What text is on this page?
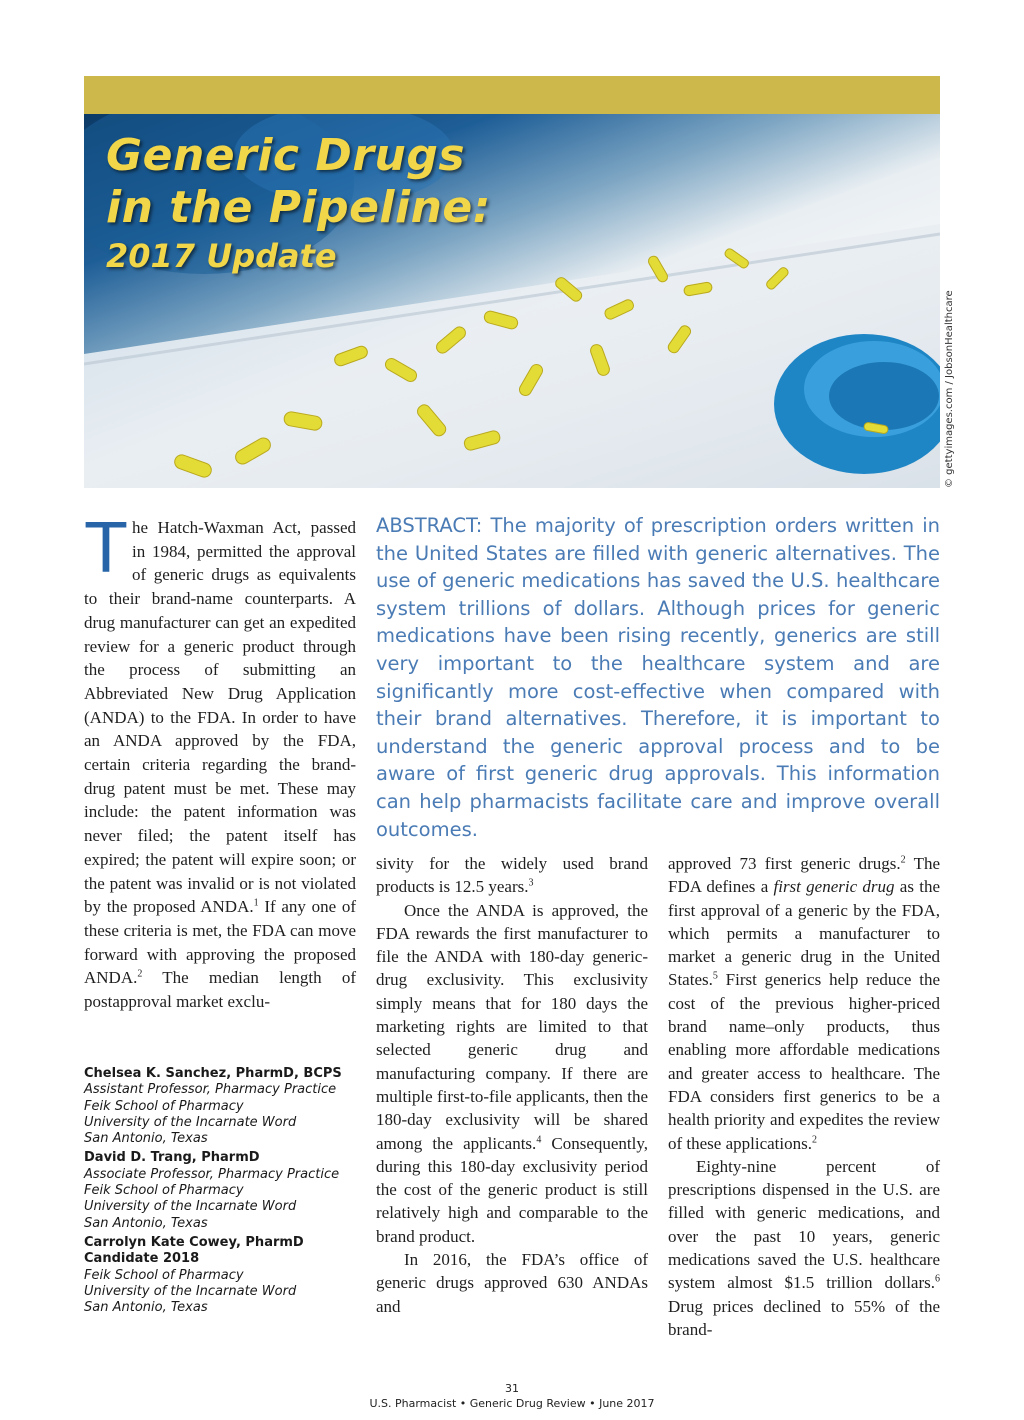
Generic Drugs
in the Pipeline:
2017 Update
© gettyimages.com / JobsonHealthcare
The Hatch-Waxman Act, passed in 1984, permitted the approval of generic drugs as equivalents to their brand-name counterparts. A drug manufacturer can get an expedited review for a generic product through the process of submitting an Abbreviated New Drug Application (ANDA) to the FDA. In order to have an ANDA approved by the FDA, certain criteria regarding the brand-drug patent must be met. These may include: the patent information was never filed; the patent itself has expired; the patent will expire soon; or the patent was invalid or is not violated by the proposed ANDA.$^1$ If any one of these criteria is met, the FDA can move forward with approving the proposed ANDA.$^2$ The median length of postapproval market exclu-
ABSTRACT: The majority of prescription orders written in the United States are filled with generic alternatives. The use of generic medications has saved the U.S. healthcare system trillions of dollars. Although prices for generic medications have been rising recently, generics are still very important to the healthcare system and are significantly more cost-effective when compared with their brand alternatives. Therefore, it is important to understand the generic approval process and to be aware of first generic drug approvals. This information can help pharmacists facilitate care and improve overall outcomes.

sivity for the widely used brand products is 12.5 years.$^3$

Once the ANDA is approved, the FDA rewards the first manufacturer to file the ANDA with 180-day generic-drug exclusivity. This exclusivity simply means that for 180 days the marketing rights are limited to that selected generic drug and manufacturing company. If there are multiple first-to-file applicants, then the 180-day exclusivity will be shared among the applicants.$^4$ Consequently, during this 180-day exclusivity period the cost of the generic product is still relatively high and comparable to the brand product.

In 2016, the FDA’s office of generic drugs approved 630 ANDAs and

approved 73 first generic drugs.$^2$ The FDA defines a first generic drug as the first approval of a generic by the FDA, which permits a manufacturer to market a generic drug in the United States.$^5$ First generics help reduce the cost of the previous higher-priced brand name–only products, thus enabling more affordable medications and greater access to healthcare. The FDA considers first generics to be a health priority and expedites the review of these applications.$^2$

Eighty-nine percent of prescriptions dispensed in the U.S. are filled with generic medications, and over the past 10 years, generic medications saved the U.S. healthcare system almost $1.5 trillion dollars.$^6$ Drug prices declined to 55% of the brand-

Chelsea K. Sanchez, PharmD, BCPS
Assistant Professor, Pharmacy Practice
Feik School of Pharmacy
University of the Incarnate Word
San Antonio, Texas
David D. Trang, PharmD
Associate Professor, Pharmacy Practice
Feik School of Pharmacy
University of the Incarnate Word
San Antonio, Texas
Carrolyn Kate Cowey, PharmD
Candidate 2018
Feik School of Pharmacy
University of the Incarnate Word
San Antonio, Texas
31
U.S. Pharmacist • Generic Drug Review • June 2017
